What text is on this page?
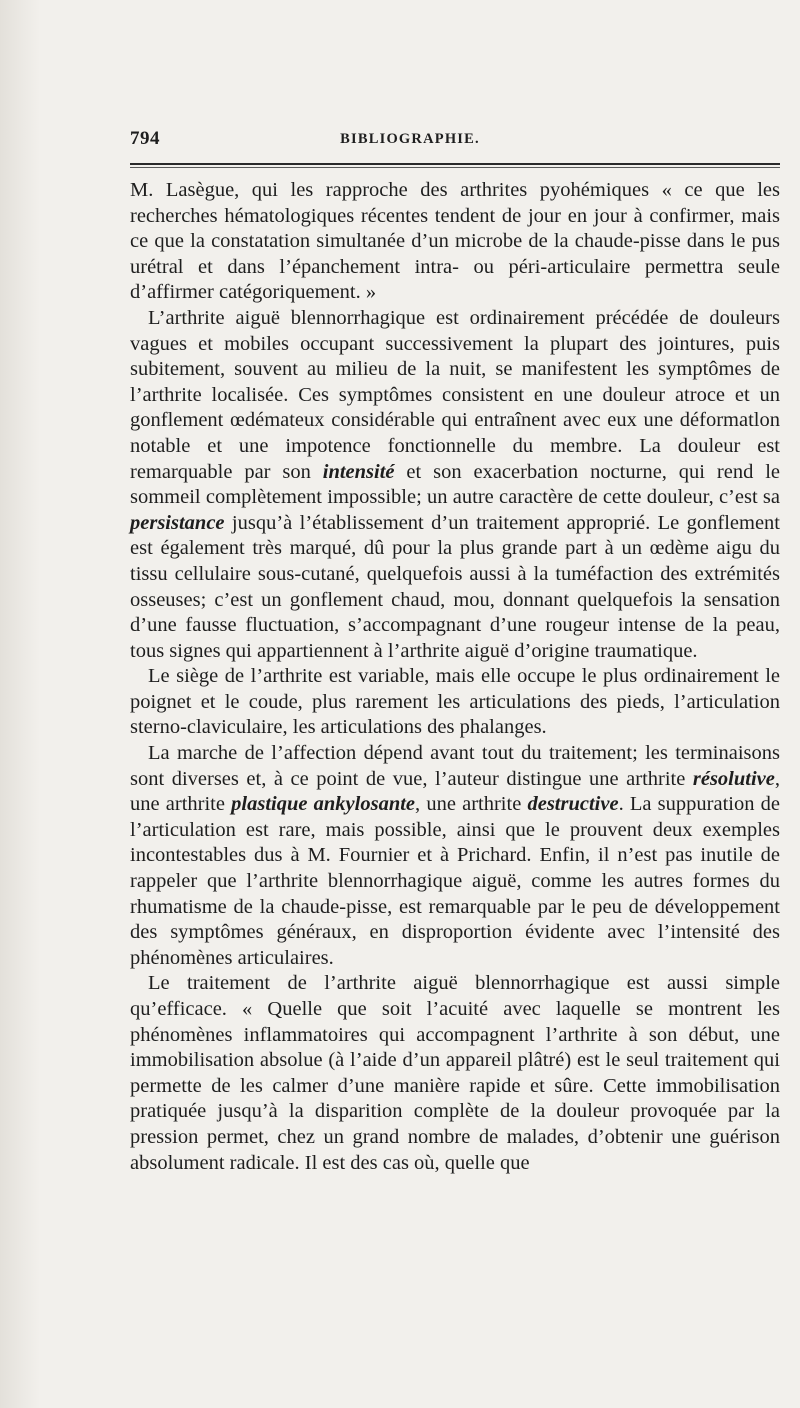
794	BIBLIOGRAPHIE.

M. Lasègue, qui les rapproche des arthrites pyohémiques « ce que les recherches hématologiques récentes tendent de jour en jour à confirmer, mais ce que la constatation simultanée d’un microbe de la chaude-pisse dans le pus urétral et dans l’épanchement intra- ou péri-articulaire permettra seule d’affirmer catégoriquement. »

L’arthrite aiguë blennorrhagique est ordinairement précédée de douleurs vagues et mobiles occupant successivement la plupart des jointures, puis subitement, souvent au milieu de la nuit, se manifestent les symptômes de l’arthrite localisée. Ces symptômes consistent en une douleur atroce et un gonflement œdémateux considérable qui entraînent avec eux une déformatlon notable et une impotence fonctionnelle du membre. La douleur est remarquable par son intensité et son exacerbation nocturne, qui rend le sommeil complètement impossible; un autre caractère de cette douleur, c’est sa persistance jusqu’à l’établissement d’un traitement approprié. Le gonflement est également très marqué, dû pour la plus grande part à un œdème aigu du tissu cellulaire sous-cutané, quelquefois aussi à la tuméfaction des extrémités osseuses; c’est un gonflement chaud, mou, donnant quelquefois la sensation d’une fausse fluctuation, s’accompagnant d’une rougeur intense de la peau, tous signes qui appartiennent à l’arthrite aiguë d’origine traumatique.

Le siège de l’arthrite est variable, mais elle occupe le plus ordinairement le poignet et le coude, plus rarement les articulations des pieds, l’articulation sterno-claviculaire, les articulations des phalanges.

La marche de l’affection dépend avant tout du traitement; les terminaisons sont diverses et, à ce point de vue, l’auteur distingue une arthrite résolutive, une arthrite plastique ankylosante, une arthrite destructive. La suppuration de l’articulation est rare, mais possible, ainsi que le prouvent deux exemples incontestables dus à M. Fournier et à Prichard. Enfin, il n’est pas inutile de rappeler que l’arthrite blennorrhagique aiguë, comme les autres formes du rhumatisme de la chaude-pisse, est remarquable par le peu de développement des symptômes généraux, en disproportion évidente avec l’intensité des phénomènes articulaires.

Le traitement de l’arthrite aiguë blennorrhagique est aussi simple qu’efficace. « Quelle que soit l’acuité avec laquelle se montrent les phénomènes inflammatoires qui accompagnent l’arthrite à son début, une immobilisation absolue (à l’aide d’un appareil plâtré) est le seul traitement qui permette de les calmer d’une manière rapide et sûre. Cette immobilisation pratiquée jusqu’à la disparition complète de la douleur provoquée par la pression permet, chez un grand nombre de malades, d’obtenir une guérison absolument radicale. Il est des cas où, quelle que
